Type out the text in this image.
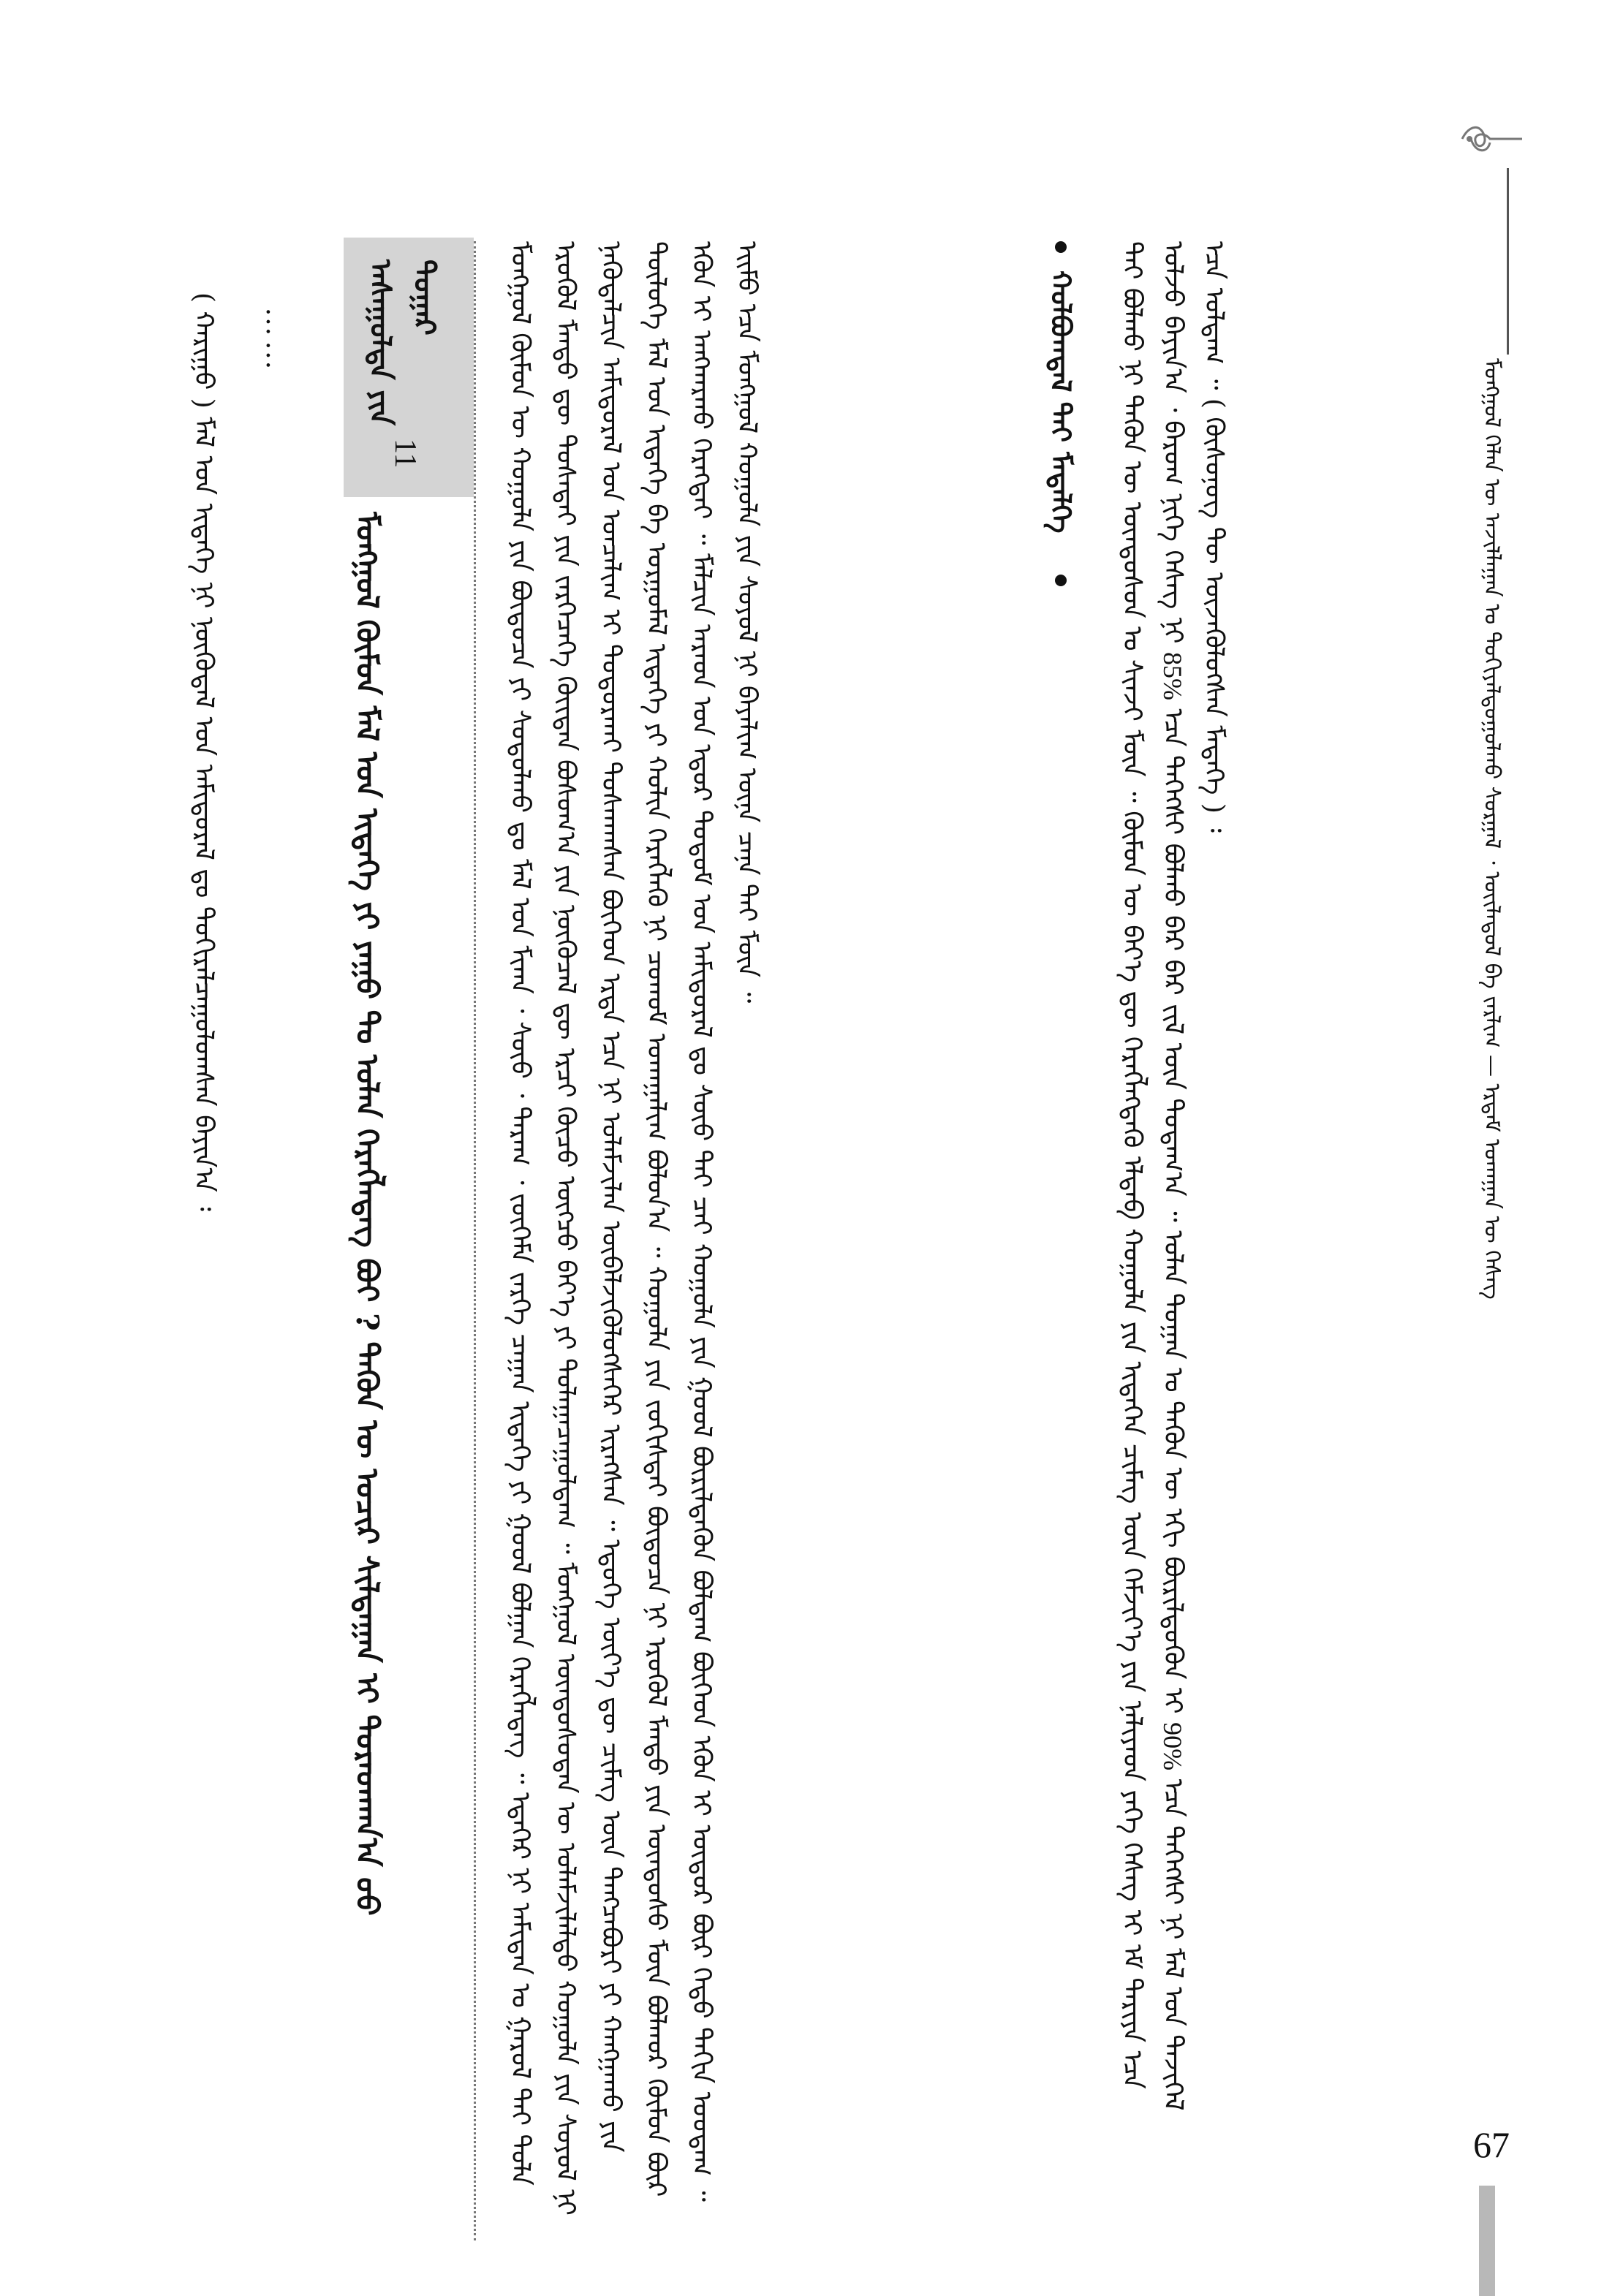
ᠮᠣᠩᠭᠣᠯ ᠬᠡᠯᠡᠨ ᠦ ᠠᠵᠢᠯᠯᠠᠭᠠᠨ ᠤ ᠲᠣᠬᠢᠶᠠᠯᠳᠤᠭᠤᠯᠬᠤ ᠰᠤᠷᠭᠠᠯ ᠂ ᠦᠢᠯᠡᠳᠦᠯ ᠪᠠ ᠵᠠᠷᠯᠢᠭ — ᠡᠷᠳᠡᠮ ᠤᠬᠠᠭᠠᠨ ᠦ ᠬᠡᠰᠡᠭ
67
ᠲᠠᠢ ᠪᠣᠯᠬᠤ ᠨᠢ ᠲᠡᠭᠦᠨ ᠦ ᠦᠨᠳᠦᠰᠦᠨ ᠤ ᠰᠢᠨᠵᠢ ᠮᠥᠨ ᠃ ᠬᠦᠮᠦᠨ ᠦ ᠪᠡᠶ᠎ᠡ ᠳᠦ ᠬᠡᠷᠡᠭᠯᠡᠭᠳᠡᠬᠦ ᠡᠯᠳᠡᠪ ᠬᠣᠭᠣᠯᠠ ᠶᠢᠨ ᠢᠳᠡᠭᠡᠨ ᠴᠢᠮᠡᠭ ᠦᠨ ᠬᠡᠮᠵᠢᠶ᠎ᠡ ᠶᠢᠨ ᠨᠡᠯᠢᠶᠡᠳ ᠶᠡᠬᠡ ᠬᠡᠰᠡᠭ ᠢ ᠡᠮ ᠲᠠᠷᠢᠶᠠ ᠡᠴᠡ ᠤᠯᠵᠤ ᠪᠠᠶᠢᠨ᠎ᠠ ᠂ ᠪᠠᠷᠤᠭ ᠨᠢᠭᠡ ᠬᠡᠰᠡᠭ ᠨᠢ 85% ᠡᠴᠡ ᠳᠡᠭᠡᠭᠰᠢ ᠪᠣᠯᠬᠤ ᠪᠡᠷ ᠪᠠᠷ ᠵᠢᠯ ᠦᠨ ᠳᠤᠲᠠᠭ᠎ᠠ ᠃ ᠣᠯᠠᠨ ᠲᠣᠭᠠᠨ ᠤ ᠲᠡᠭᠦᠨ ᠦ ᠡᠬᠢ ᠪᠦᠷᠢᠯᠳᠦᠬᠦᠨ ᠢ 90% ᠡᠴᠡ ᠳᠡᠭᠡᠭᠰᠢ ᠨᠢ ᠮᠠᠯ ᠤᠨ ᠲᠡᠵᠢᠭᠡᠯ ᠡᠴᠡ ᠤᠯᠳᠠᠭ ᠃ ( ᠬᠦᠰᠦᠨᠦᠭ ᠲᠦ ᠦᠵᠡᠭᠦᠯᠦᠭᠰᠡᠨ ᠮᠡᠳᠡᠭᠡ ) ᠄
ᠬᠣᠯᠪᠣᠭᠳᠠᠯ ᠲᠠᠢ ᠮᠡᠳᠡᠯᠭᠡ
ᠮᠣᠩᠭᠣᠯ ᠬᠦᠮᠦᠨ ᠦ ᠬᠣᠭᠣᠯᠠ ᠶᠢᠨ ᠪᠦᠲᠦᠴᠡ ᠶᠢ ᠰᠤᠳᠤᠯᠬᠤ ᠳᠤ ᠮᠠᠯ ᠤᠨ ᠮᠢᠬᠠ ᠂ ᠰᠦᠦ ᠂ ᠲᠠᠷᠠᠭ ᠂ ᠵᠦᠭᠡᠮᠡ ᠵᠡᠷᠭᠡ ᠴᠠᠭᠠᠨ ᠢᠳᠡᠭᠡ ᠶᠢ ᠭᠣᠣᠯ ᠪᠣᠯᠭᠠᠨ ᠬᠡᠷᠡᠭᠯᠡᠳᠡᠭ ᠃ ᠡᠳᠡᠭᠡᠷ ᠨᠢ ᠠᠮᠢᠲᠠᠨ ᠤ ᠭᠠᠷᠤᠯ ᠲᠠᠢ ᠲᠤᠯᠠ ᠡᠷᠦᠭᠦᠯ ᠮᠡᠨᠳᠦ ᠳᠦ ᠲᠤᠰᠠᠲᠠᠢ ᠶᠢᠨ ᠵᠡᠷᠭᠡᠴᠡᠭᠡ ᠬᠦᠢᠲᠡᠨ ᠪᠣᠰᠤᠭ᠎ᠠ ᠶᠢᠨ ᠨᠥᠬᠦᠴᠡᠯ ᠳᠦ ᠡᠷᠴᠢ ᠬᠦᠴᠦ ᠥᠭᠴᠦ ᠪᠡᠶ᠎ᠡ ᠶᠢ ᠳᠤᠯᠠᠭᠠᠴᠠᠭᠤᠯᠳᠠᠭ ᠃ ᠮᠣᠩᠭᠣᠯ ᠦᠨᠳᠦᠰᠦᠲᠡᠨ ᠦ ᠤᠯᠠᠮᠵᠢᠯᠠᠯᠲᠤ ᠬᠣᠭᠣᠯᠠ ᠶᠢᠨ ᠰᠣᠶᠤᠯ ᠨᠢ ᠨᠡᠭᠦᠳᠡᠯᠴᠢᠨ ᠠᠮᠢᠳᠤᠷᠠᠯ ᠤᠨ ᠣᠨᠴᠠᠯᠢᠭ ᠢ ᠲᠣᠳᠣᠷᠬᠠᠢ ᠲᠤᠰᠬᠠᠭᠰᠠᠨ ᠪᠥᠭᠡᠳ ᠡᠷᠲᠡ ᠡᠴᠡ ᠨᠢ ᠤᠯᠠᠮᠵᠢᠯᠠᠨ ᠥᠪᠡᠯᠵᠢᠭᠦᠯᠦᠭᠰᠡᠭᠡᠷ ᠢᠷᠡᠭᠰᠡᠨ ᠃ ᠡᠳᠦᠭᠡ ᠦᠶ᠎ᠡ ᠳᠦ ᠴᠢᠮᠡᠭ ᠦᠨ ᠲᠡᠩᠴᠡᠪᠦᠷᠢ ᠶᠢ ᠬᠠᠩᠭᠠᠬᠤ ᠶᠢᠨ ᠲᠥᠯᠥᠭᠡ ᠮᠠᠯ ᠤᠨ ᠢᠳᠡᠭᠡ ᠪᠠ ᠤᠷᠭᠤᠮᠠᠯ ᠢᠳᠡᠭᠡ ᠶᠢ ᠬᠣᠯᠢᠨ ᠬᠡᠷᠡᠭᠯᠡᠬᠦ ᠨᠢ ᠴᠤᠬᠤᠮ ᠤᠬᠠᠭᠠᠯᠢᠭ ᠪᠣᠯᠣᠨ᠎ᠠ ᠃ ᠬᠣᠭᠣᠯᠠ ᠶᠢᠨ ᠵᠣᠬᠢᠰᠲᠠᠢ ᠪᠦᠲᠦᠴᠡ ᠨᠢ ᠡᠷᠦᠭᠦᠯ ᠮᠡᠨᠳᠦ ᠶᠢᠨ ᠦᠨᠳᠦᠰᠦ ᠮᠥᠨ ᠪᠣᠯᠬᠣᠷ ᠬᠦᠮᠦᠨ ᠪᠦᠷ ᠡᠭᠦᠨ ᠢ ᠠᠩᠬᠠᠷᠬᠤ ᠬᠡᠷᠡᠭᠲᠡᠢ ᠃ ᠮᠠᠯᠴᠢᠨ ᠠᠷᠠᠳ ᠤᠨ ᠡᠳᠦᠷ ᠲᠤᠲᠤᠮ ᠤᠨ ᠠᠮᠢᠳᠤᠷᠠᠯ ᠳᠤ ᠰᠦᠦ ᠲᠡᠢ ᠴᠠᠢ ᠬᠣᠭᠣᠯᠠ ᠶᠢᠨ ᠭᠣᠣᠯ ᠪᠦᠷᠢᠯᠳᠡᠬᠦᠨ ᠪᠣᠯᠳᠠᠭ ᠪᠥᠭᠡᠳ ᠡᠭᠦᠨ ᠢ ᠥᠳᠦᠷ ᠪᠦᠷ ᠬᠡᠳᠦ ᠳᠠᠬᠢᠨ ᠤᠤᠳᠠᠭ ᠃ ᠡᠢᠮᠦ ᠡᠴᠡ ᠮᠣᠩᠭᠣᠯ ᠬᠣᠭᠣᠯᠠ ᠶᠢᠨ ᠰᠣᠶᠤᠯ ᠨᠢ ᠪᠠᠶᠠᠯᠢᠭ ᠦᠨᠡ ᠴᠡᠨᠡ ᠲᠡᠢ ᠮᠥᠨ ᠃
ᠠᠰᠠᠭᠤᠯᠲᠠ ᠶᠢᠨ ᠳᠤᠭᠠᠷ
11
ᠮᠣᠩᠭᠣᠯ ᠬᠦᠮᠦᠨ ᠮᠠᠯ ᠤᠨ ᠢᠳᠡᠭᠡ ᠶᠢ ᠶᠠᠭᠤ ᠲᠤ ᠣᠯᠠᠨ ᠬᠡᠷᠡᠭᠯᠡᠳᠡᠭ ᠪᠣᠢ ? ᠲᠡᠭᠦᠨ ᠦ ᠤᠴᠢᠷ ᠰᠢᠯᠲᠠᠭᠠᠨ ᠢ ᠳᠤᠷᠠᠳᠬᠠᠨ᠎ᠠ ᠤᠤ
……
( ᠬᠠᠷᠢᠭᠤ ) ᠮᠠᠯ ᠤᠨ ᠢᠳᠡᠭᠡ ᠨᠢ ᠨᠦᠭᠦᠳᠡᠯ ᠤᠨ ᠠᠮᠢᠳᠤᠷᠠᠯ ᠳᠤ ᠲᠣᠬᠢᠷᠠᠯᠴᠠᠭᠤᠯᠤᠭᠰᠠᠨ ᠪᠠᠶᠢᠨ᠎ᠠ ᠄
